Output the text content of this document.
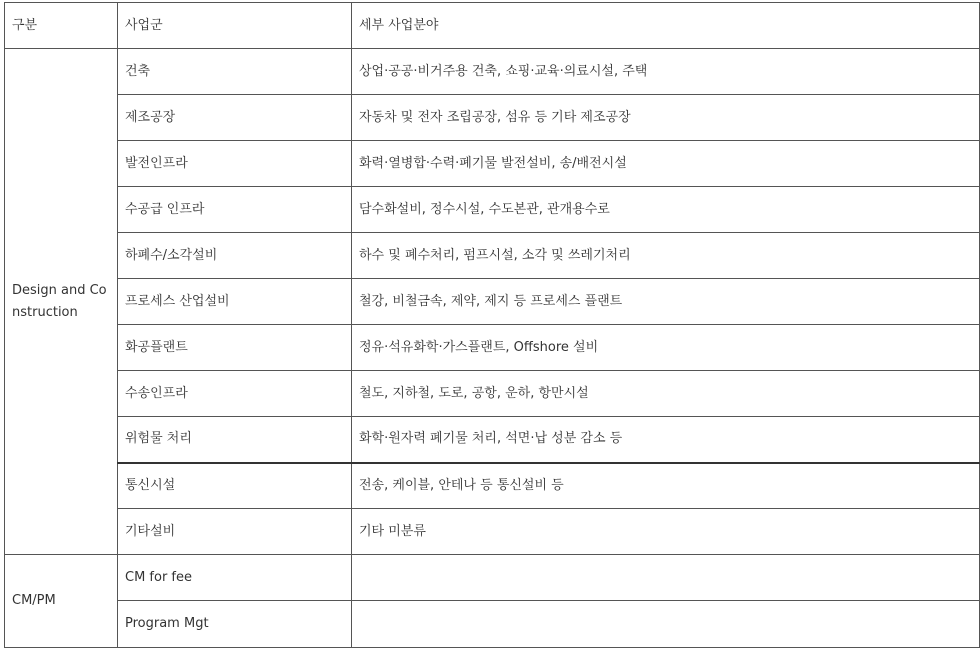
구분	사업군	세부 사업분야
Design and Construction	건축	상업·공공·비거주용 건축, 쇼핑·교육·의료시설, 주택
	제조공장	자동차 및 전자 조립공장, 섬유 등 기타 제조공장
	발전인프라	화력·열병합·수력·폐기물 발전설비, 송/배전시설
	수공급 인프라	담수화설비, 정수시설, 수도본관, 관개용수로
	하폐수/소각설비	하수 및 폐수처리, 펌프시설, 소각 및 쓰레기처리
	프로세스 산업설비	철강, 비철금속, 제약, 제지 등 프로세스 플랜트
	화공플랜트	정유·석유화학·가스플랜트, Offshore 설비
	수송인프라	철도, 지하철, 도로, 공항, 운하, 항만시설
	위험물 처리	화학·원자력 폐기물 처리, 석면·납 성분 감소 등
	통신시설	전송, 케이블, 안테나 등 통신설비 등
	기타설비	기타 미분류
CM/PM	CM for fee	
	Program Mgt	
